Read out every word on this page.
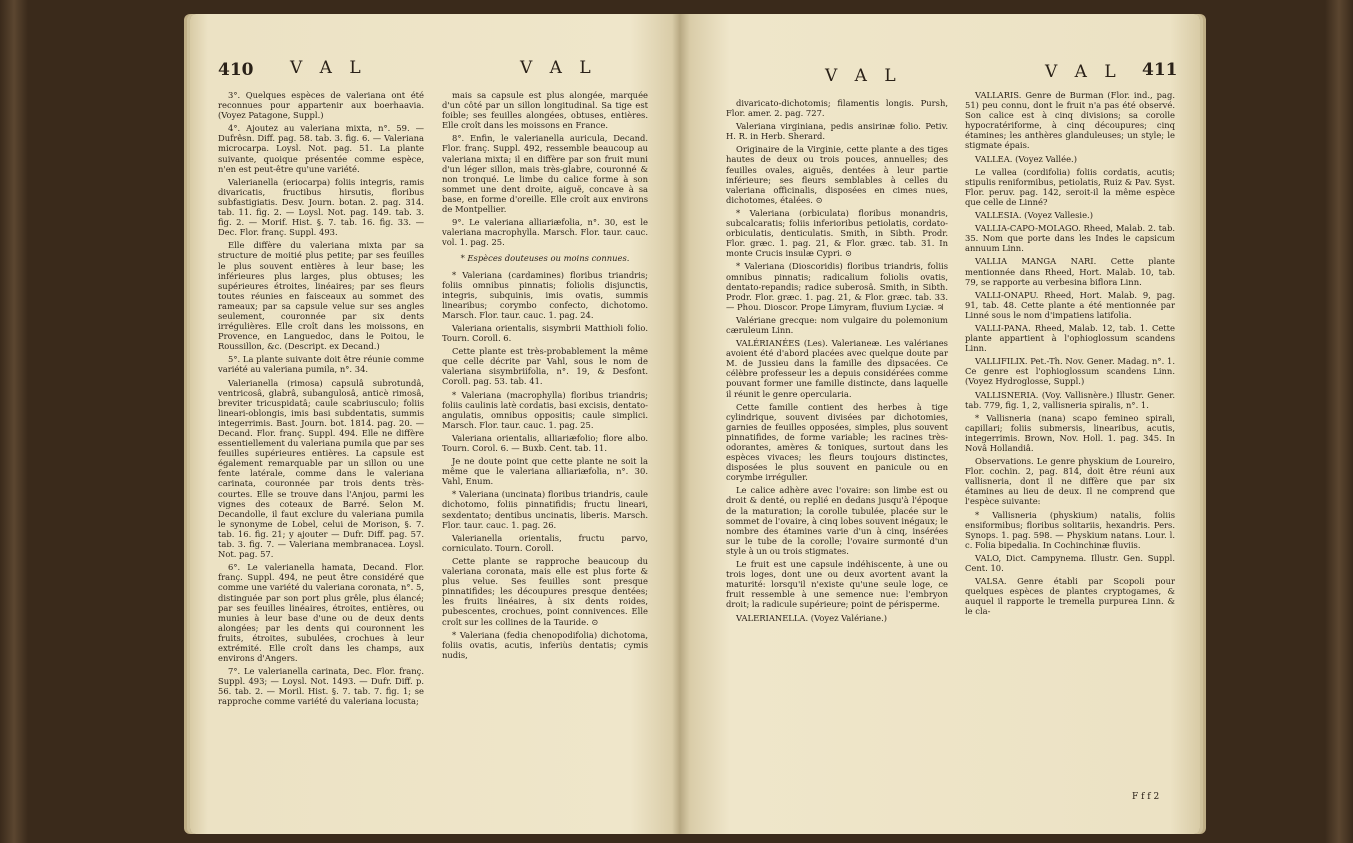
410 V A L	V A L

3°. Quelques espèces de valeriana ont été reconnues pour appartenir aux boerhaavia. (Voyez Patagone, Suppl.)

4°. Ajoutez au valeriana mixta, n°. 59. — Dufrêsn. Diff. pag. 58. tab. 3. fig. 6. — Valeriana microcarpa. Loysl. Not. pag. 51. La plante suivante, quoique présentée comme espèce, n'en est peut-être qu'une variété.

Valerianella (eriocarpa) foliis integris, ramis divaricatis, fructibus hirsutis, floribus subfastigiatis. Desv. Journ. botan. 2. pag. 314. tab. 11. fig. 2. — Loysl. Not. pag. 149. tab. 3. fig. 2. — Morif. Hist. §. 7. tab. 16. fig. 33. — Dec. Flor. franç. Suppl. 493.

Elle diffère du valeriana mixta par sa structure de moitié plus petite; par ses feuilles le plus souvent entières à leur base; les inférieures plus larges, plus obtuses; les supérieures étroites, linéaires; par ses fleurs toutes réunies en faisceaux au sommet des rameaux; par sa capsule velue sur ses angles seulement, couronnée par six dents irrégulières. Elle croît dans les moissons, en Provence, en Languedoc, dans le Poitou, le Roussillon, &c. (Descript. ex Decand.)

5°. La plante suivante doit être réunie comme variété au valeriana pumila, n°. 34.

Valerianella (rimosa) capsulâ subrotundâ, ventricosâ, glabrâ, subangulosâ, anticè rimosâ, breviter tricuspidatâ; caule scabriusculo; foliis lineari-oblongis, imis basi subdentatis, summis integerrimis. Bast. Journ. bot. 1814. pag. 20. — Decand. Flor. franç. Suppl. 494. Elle ne diffère essentiellement du valeriana pumila que par ses feuilles supérieures entières. La capsule est également remarquable par un sillon ou une fente latérale, comme dans le valeriana carinata, couronnée par trois dents très-courtes. Elle se trouve dans l'Anjou, parmi les vignes des coteaux de Barré. Selon M. Decandolle, il faut exclure du valeriana pumila le synonyme de Lobel, celui de Morison, §. 7. tab. 16. fig. 21; y ajouter — Dufr. Diff. pag. 57. tab. 3. fig. 7. — Valeriana membranacea. Loysl. Not. pag. 57.

6°. Le valerianella hamata, Decand. Flor. franç. Suppl. 494, ne peut être considéré que comme une variété du valeriana coronata, n°. 5, distinguée par son port plus grêle, plus élancé; par ses feuilles linéaires, étroites, entières, ou munies à leur base d'une ou de deux dents alongées; par les dents qui couronnent les fruits, étroites, subulées, crochues à leur extrémité. Elle croît dans les champs, aux environs d'Angers.

7°. Le valerianella carinata, Dec. Flor. franç. Suppl. 493; — Loysl. Not. 1493. — Dufr. Diff. p. 56. tab. 2. — Moril. Hist. §. 7. tab. 7. fig. 1; se rapproche comme variété du valeriana locusta;

mais sa capsule est plus alongée, marquée d'un côté par un sillon longitudinal. Sa tige est foible; ses feuilles alongées, obtuses, entières. Elle croît dans les moissons en France.

8°. Enfin, le valerianella auricula, Decand. Flor. franç. Suppl. 492, ressemble beaucoup au valeriana mixta; il en diffère par son fruit muni d'un léger sillon, mais très-glabre, couronné & non tronqué. Le limbe du calice forme à son sommet une dent droite, aiguë, concave à sa base, en forme d'oreille. Elle croît aux environs de Montpellier.

9°. Le valeriana alliariæfolia, n°. 30, est le valeriana macrophylla. Marsch. Flor. taur. cauc. vol. 1. pag. 25.

* Espèces douteuses ou moins connues.

* Valeriana (cardamines) floribus triandris; foliis omnibus pinnatis; foliolis disjunctis, integris, subquinis, imis ovatis, summis linearibus; corymbo confecto, dichotomo. Marsch. Flor. taur. cauc. 1. pag. 24.

Valeriana orientalis, sisymbrii Matthioli folio. Tourn. Coroll. 6.

Cette plante est très-probablement la même que celle décrite par Vahl, sous le nom de valeriana sisymbriifolia, n°. 19, & Desfont. Coroll. pag. 53. tab. 41.

* Valeriana (macrophylla) floribus triandris; foliis caulinis latè cordatis, basi excisis, dentato-angulatis, omnibus oppositis; caule simplici. Marsch. Flor. taur. cauc. 1. pag. 25.

Valeriana orientalis, alliariæfolio; flore albo. Tourn. Corol. 6. — Buxb. Cent. tab. 11.

Je ne doute point que cette plante ne soit la même que le valeriana alliariæfolia, n°. 30. Vahl, Enum.

* Valeriana (uncinata) floribus triandris, caule dichotomo, foliis pinnatifidis; fructu lineari, sexdentato; dentibus uncinatis, liberis. Marsch. Flor. taur. cauc. 1. pag. 26.

Valerianella orientalis, fructu parvo, corniculato. Tourn. Coroll.

Cette plante se rapproche beaucoup du valeriana coronata, mais elle est plus forte & plus velue. Ses feuilles sont presque pinnatifides; les découpures presque dentées; les fruits linéaires, à six dents roides, pubescentes, crochues, point connivences. Elle croît sur les collines de la Tauride. ⊙

* Valeriana (fedia chenopodifolia) dichotoma, foliis ovatis, acutis, inferiùs dentatis; cymis nudis,

V A L	V A L 411

divaricato-dichotomis; filamentis longis. Pursh, Flor. amer. 2. pag. 727.

Valeriana virginiana, pedis ansirinæ folio. Petiv. H. R. in Herb. Sherard.

Originaire de la Virginie, cette plante a des tiges hautes de deux ou trois pouces, annuelles; des feuilles ovales, aiguës, dentées à leur partie inférieure; ses fleurs semblables à celles du valeriana officinalis, disposées en cimes nues, dichotomes, étalées. ⊙

* Valeriana (orbiculata) floribus monandris, subcalcaratis; foliis inferioribus petiolatis, cordato-orbiculatis, denticulatis. Smith, in Sibth. Prodr. Flor. græc. 1. pag. 21, & Flor. græc. tab. 31. In monte Crucis insulæ Cypri. ⊙

* Valeriana (Dioscoridis) floribus triandris, foliis omnibus pinnatis; radicalium foliolis ovatis, dentato-repandis; radice suberosâ. Smith, in Sibth. Prodr. Flor. græc. 1. pag. 21, & Flor. græc. tab. 33. — Phou. Dioscor. Prope Limyram, fluvium Lyciæ. ♃

Valériane grecque: nom vulgaire du polemonium cæruleum Linn.

VALÉRIANÉES (Les). Valerianeæ. Les valérianes avoient été d'abord placées avec quelque doute par M. de Jussieu dans la famille des dipsacées. Ce célèbre professeur les a depuis considérées comme pouvant former une famille distincte, dans laquelle il réunit le genre opercularia.

Cette famille contient des herbes à tige cylindrique, souvent divisées par dichotomies, garnies de feuilles opposées, simples, plus souvent pinnatifides, de forme variable; les racines très-odorantes, amères & toniques, surtout dans les espèces vivaces; les fleurs toujours distinctes, disposées le plus souvent en panicule ou en corymbe irrégulier.

Le calice adhère avec l'ovaire: son limbe est ou droit & denté, ou replié en dedans jusqu'à l'époque de la maturation; la corolle tubulée, placée sur le sommet de l'ovaire, à cinq lobes souvent inégaux; le nombre des étamines varie d'un à cinq, insérées sur le tube de la corolle; l'ovaire surmonté d'un style à un ou trois stigmates.

Le fruit est une capsule indéhiscente, à une ou trois loges, dont une ou deux avortent avant la maturité: lorsqu'il n'existe qu'une seule loge, ce fruit ressemble à une semence nue: l'embryon droit; la radicule supérieure; point de périsperme.

VALERIANELLA. (Voyez Valériane.)

VALLARIS. Genre de Burman (Flor. ind., pag. 51) peu connu, dont le fruit n'a pas été observé. Son calice est à cinq divisions; sa corolle hypocratériforme, à cinq découpures; cinq étamines; les anthères glanduleuses; un style; le stigmate épais.

VALLEA. (Voyez Vallée.)

Le vallea (cordifolia) foliis cordatis, acutis; stipulis reniformibus, petiolatis, Ruiz & Pav. Syst. Flor. peruv. pag. 142, seroit-il la même espèce que celle de Linné?

VALLESIA. (Voyez Vallesie.)

VALLIA-CAPO-MOLAGO. Rheed, Malab. 2. tab. 35. Nom que porte dans les Indes le capsicum annuum Linn.

VALLIA MANGA NARI. Cette plante mentionnée dans Rheed, Hort. Malab. 10, tab. 79, se rapporte au verbesina biflora Linn.

VALLI-ONAPU. Rheed, Hort. Malab. 9, pag. 91, tab. 48. Cette plante a été mentionnée par Linné sous le nom d'impatiens latifolia.

VALLI-PANA. Rheed, Malab. 12, tab. 1. Cette plante appartient à l'ophioglossum scandens Linn.

VALLIFILIX. Pet.-Th. Nov. Gener. Madag. n°. 1. Ce genre est l'ophioglossum scandens Linn. (Voyez Hydroglosse, Suppl.)

VALLISNERIA. (Voy. Vallisnère.) Illustr. Gener. tab. 779, fig. 1, 2, vallisneria spiralis, n°. 1.

* Vallisneria (nana) scapo femineo spirali, capillari; foliis submersis, linearibus, acutis, integerrimis. Brown, Nov. Holl. 1. pag. 345. In Novâ Hollandiâ.

Observations. Le genre physkium de Loureiro, Flor. cochin. 2, pag. 814, doit être réuni aux vallisneria, dont il ne diffère que par six étamines au lieu de deux. Il ne comprend que l'espèce suivante:

* Vallisneria (physkium) natalis, foliis ensiformibus; floribus solitariis, hexandris. Pers. Synops. 1. pag. 598. — Physkium natans. Lour. l. c. Folia bipedalia. In Cochinchinæ fluviis.

VALO, Dict. Campynema. Illustr. Gen. Suppl. Cent. 10.

VALSA. Genre établi par Scopoli pour quelques espèces de plantes cryptogames, & auquel il rapporte le tremella purpurea Linn. & le cla-

F f f 2
